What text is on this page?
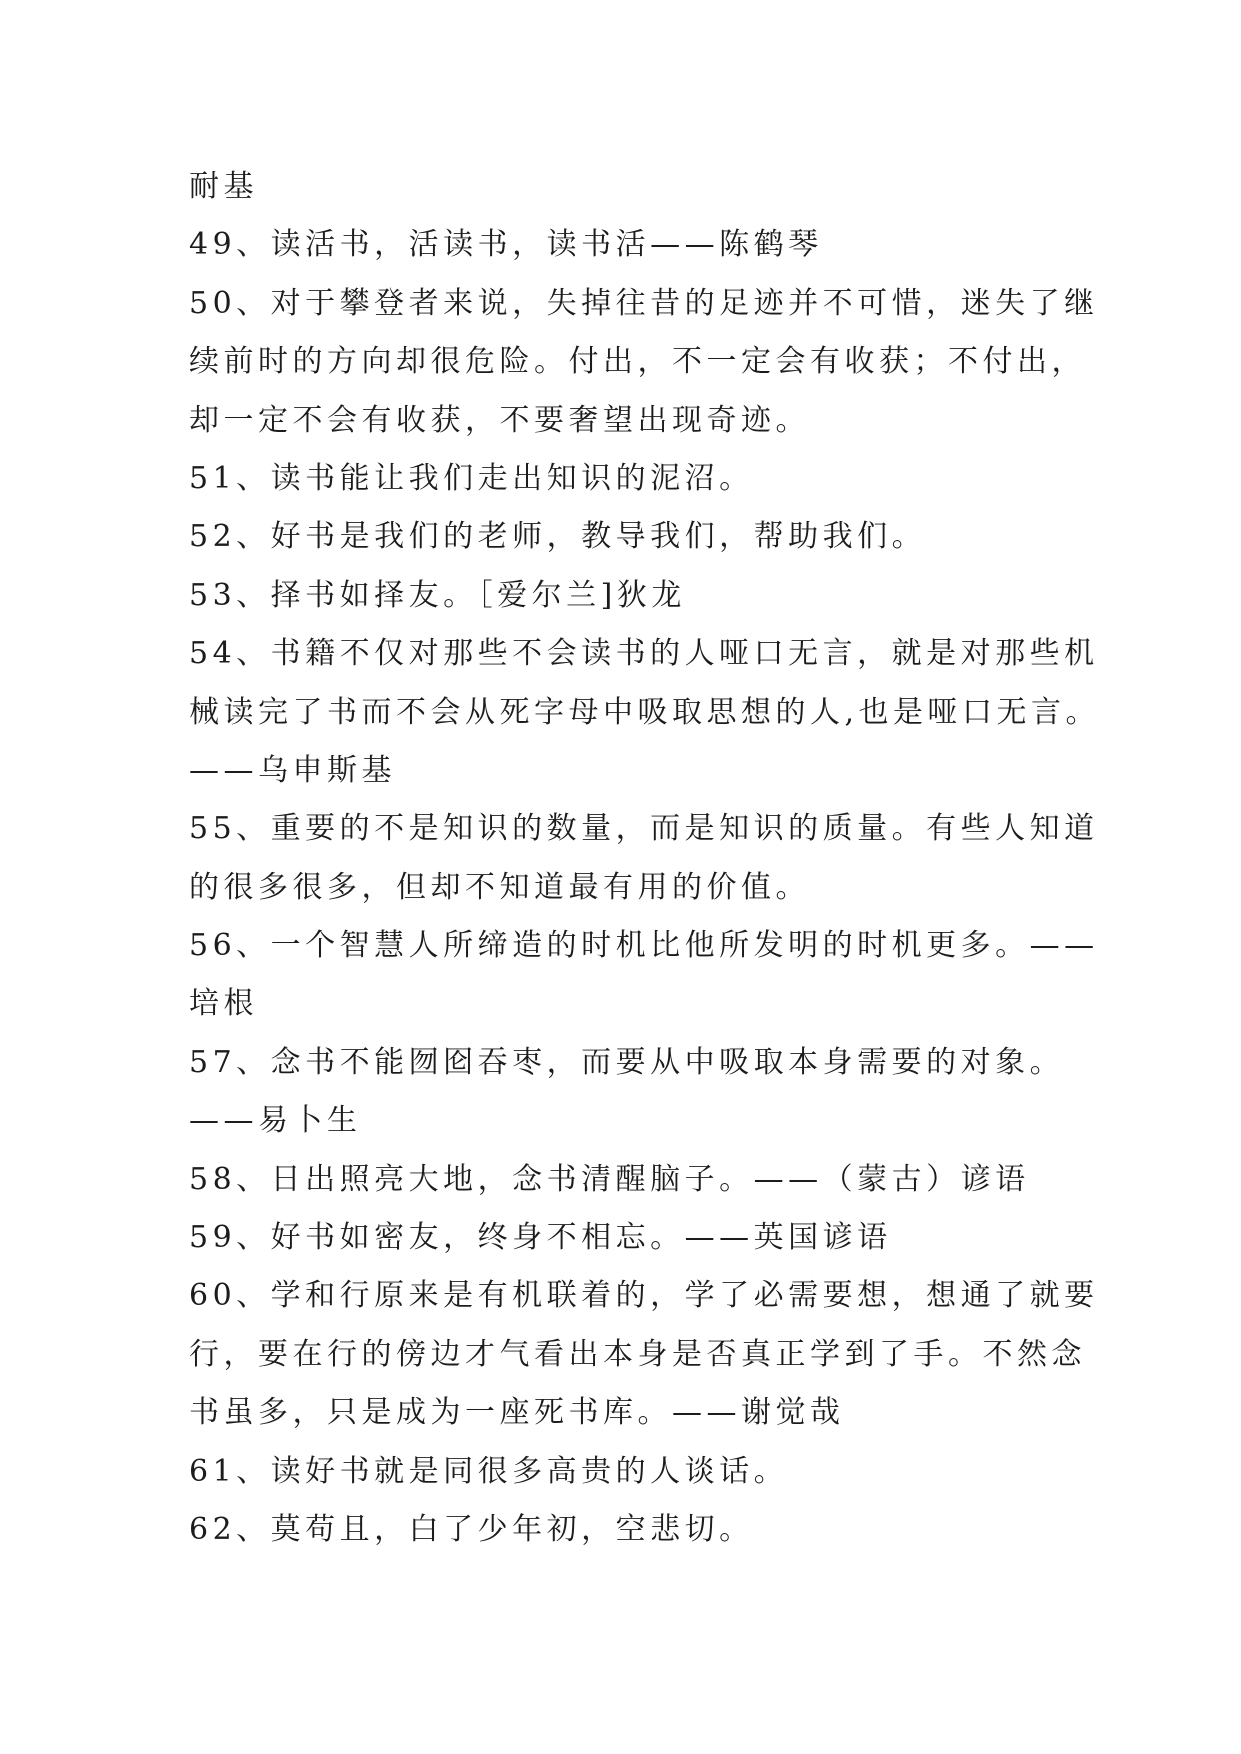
耐基
49、读活书，活读书，读书活——陈鹤琴
50、对于攀登者来说，失掉往昔的足迹并不可惜，迷失了继
续前时的方向却很危险。付出，不一定会有收获；不付出，
却一定不会有收获，不要奢望出现奇迹。
51、读书能让我们走出知识的泥沼。
52、好书是我们的老师，教导我们，帮助我们。
53、择书如择友。［爱尔兰]狄龙
54、书籍不仅对那些不会读书的人哑口无言，就是对那些机
械读完了书而不会从死字母中吸取思想的人,也是哑口无言。
——乌申斯基
55、重要的不是知识的数量，而是知识的质量。有些人知道
的很多很多，但却不知道最有用的价值。
56、一个智慧人所缔造的时机比他所发明的时机更多。——
培根
57、念书不能囫囵吞枣，而要从中吸取本身需要的对象。
——易卜生
58、日出照亮大地，念书清醒脑子。——（蒙古）谚语
59、好书如密友，终身不相忘。——英国谚语
60、学和行原来是有机联着的，学了必需要想，想通了就要
行，要在行的傍边才气看出本身是否真正学到了手。不然念
书虽多，只是成为一座死书库。——谢觉哉
61、读好书就是同很多高贵的人谈话。
62、莫苟且，白了少年初，空悲切。
